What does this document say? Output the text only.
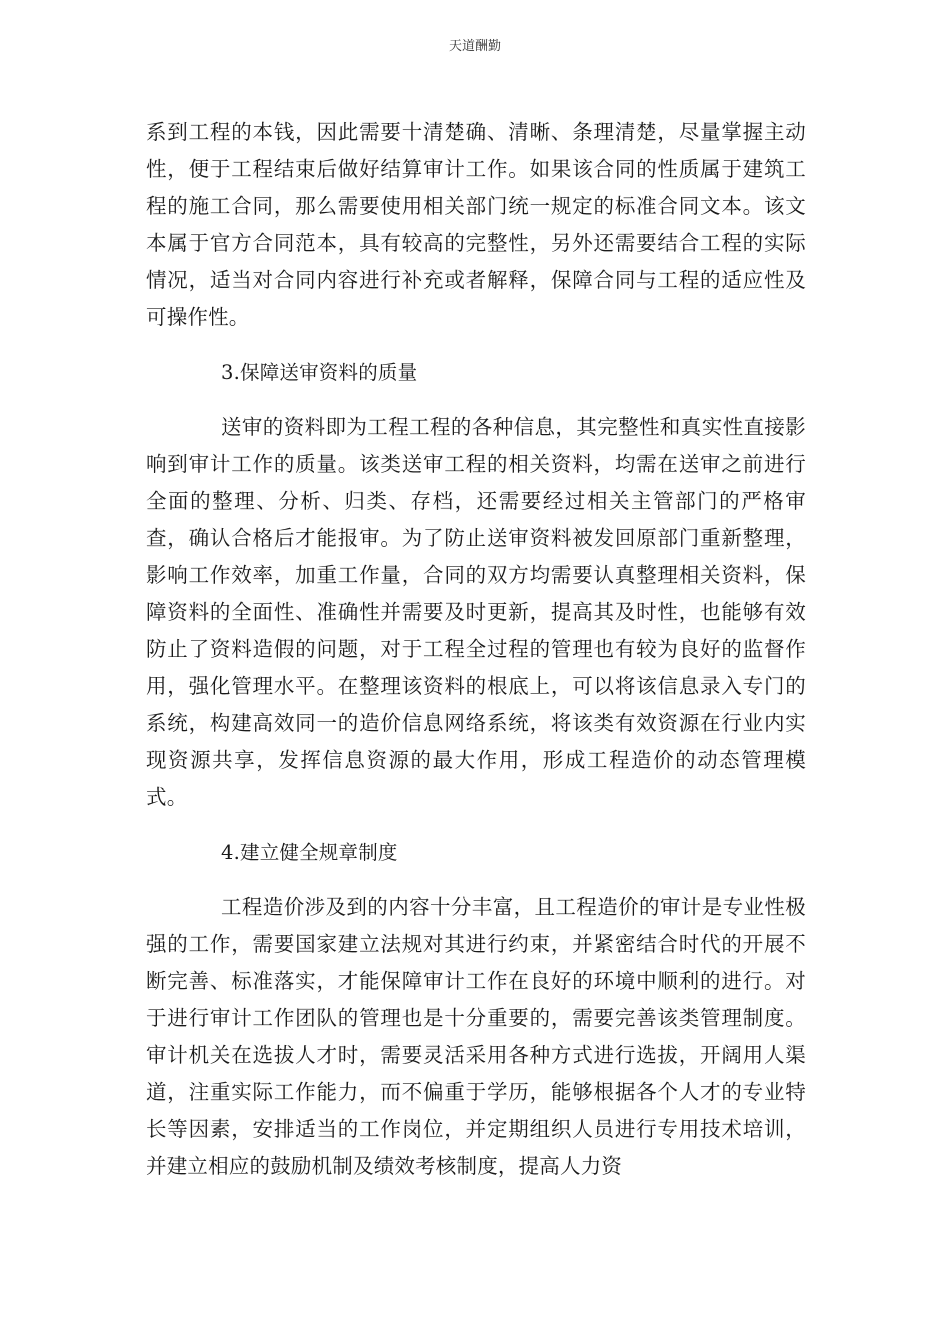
天道酬勤

系到工程的本钱，因此需要十清楚确、清晰、条理清楚，尽量掌握主动性，便于工程结束后做好结算审计工作。如果该合同的性质属于建筑工程的施工合同，那么需要使用相关部门统一规定的标准合同文本。该文本属于官方合同范本，具有较高的完整性，另外还需要结合工程的实际情况，适当对合同内容进行补充或者解释，保障合同与工程的适应性及可操作性。

3.保障送审资料的质量

送审的资料即为工程工程的各种信息，其完整性和真实性直接影响到审计工作的质量。该类送审工程的相关资料，均需在送审之前进行全面的整理、分析、归类、存档，还需要经过相关主管部门的严格审查，确认合格后才能报审。为了防止送审资料被发回原部门重新整理，影响工作效率，加重工作量，合同的双方均需要认真整理相关资料，保障资料的全面性、准确性并需要及时更新，提高其及时性，也能够有效防止了资料造假的问题，对于工程全过程的管理也有较为良好的监督作用，强化管理水平。在整理该资料的根底上，可以将该信息录入专门的系统，构建高效同一的造价信息网络系统，将该类有效资源在行业内实现资源共享，发挥信息资源的最大作用，形成工程造价的动态管理模式。

4.建立健全规章制度

工程造价涉及到的内容十分丰富，且工程造价的审计是专业性极强的工作，需要国家建立法规对其进行约束，并紧密结合时代的开展不断完善、标准落实，才能保障审计工作在良好的环境中顺利的进行。对于进行审计工作团队的管理也是十分重要的，需要完善该类管理制度。审计机关在选拔人才时，需要灵活采用各种方式进行选拔，开阔用人渠道，注重实际工作能力，而不偏重于学历，能够根据各个人才的专业特长等因素，安排适当的工作岗位，并定期组织人员进行专用技术培训，并建立相应的鼓励机制及绩效考核制度，提高人力资
